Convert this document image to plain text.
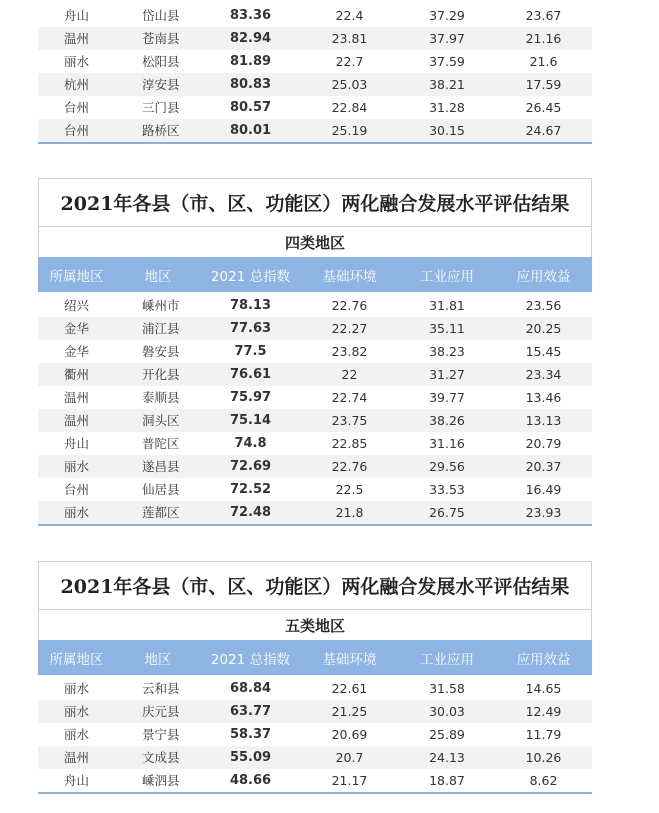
舟山	岱山县	83.36	22.4	37.29	23.67
温州	苍南县	82.94	23.81	37.97	21.16
丽水	松阳县	81.89	22.7	37.59	21.6
杭州	淳安县	80.83	25.03	38.21	17.59
台州	三门县	80.57	22.84	31.28	26.45
台州	路桥区	80.01	25.19	30.15	24.67
2021年各县（市、区、功能区）两化融合发展水平评估结果
四类地区
所属地区	地区	2021 总指数	基础环境	工业应用	应用效益
绍兴	嵊州市	78.13	22.76	31.81	23.56
金华	浦江县	77.63	22.27	35.11	20.25
金华	磐安县	77.5	23.82	38.23	15.45
衢州	开化县	76.61	22	31.27	23.34
温州	泰顺县	75.97	22.74	39.77	13.46
温州	洞头区	75.14	23.75	38.26	13.13
舟山	普陀区	74.8	22.85	31.16	20.79
丽水	遂昌县	72.69	22.76	29.56	20.37
台州	仙居县	72.52	22.5	33.53	16.49
丽水	莲都区	72.48	21.8	26.75	23.93
2021年各县（市、区、功能区）两化融合发展水平评估结果
五类地区
所属地区	地区	2021 总指数	基础环境	工业应用	应用效益
丽水	云和县	68.84	22.61	31.58	14.65
丽水	庆元县	63.77	21.25	30.03	12.49
丽水	景宁县	58.37	20.69	25.89	11.79
温州	文成县	55.09	20.7	24.13	10.26
舟山	嵊泗县	48.66	21.17	18.87	8.62
